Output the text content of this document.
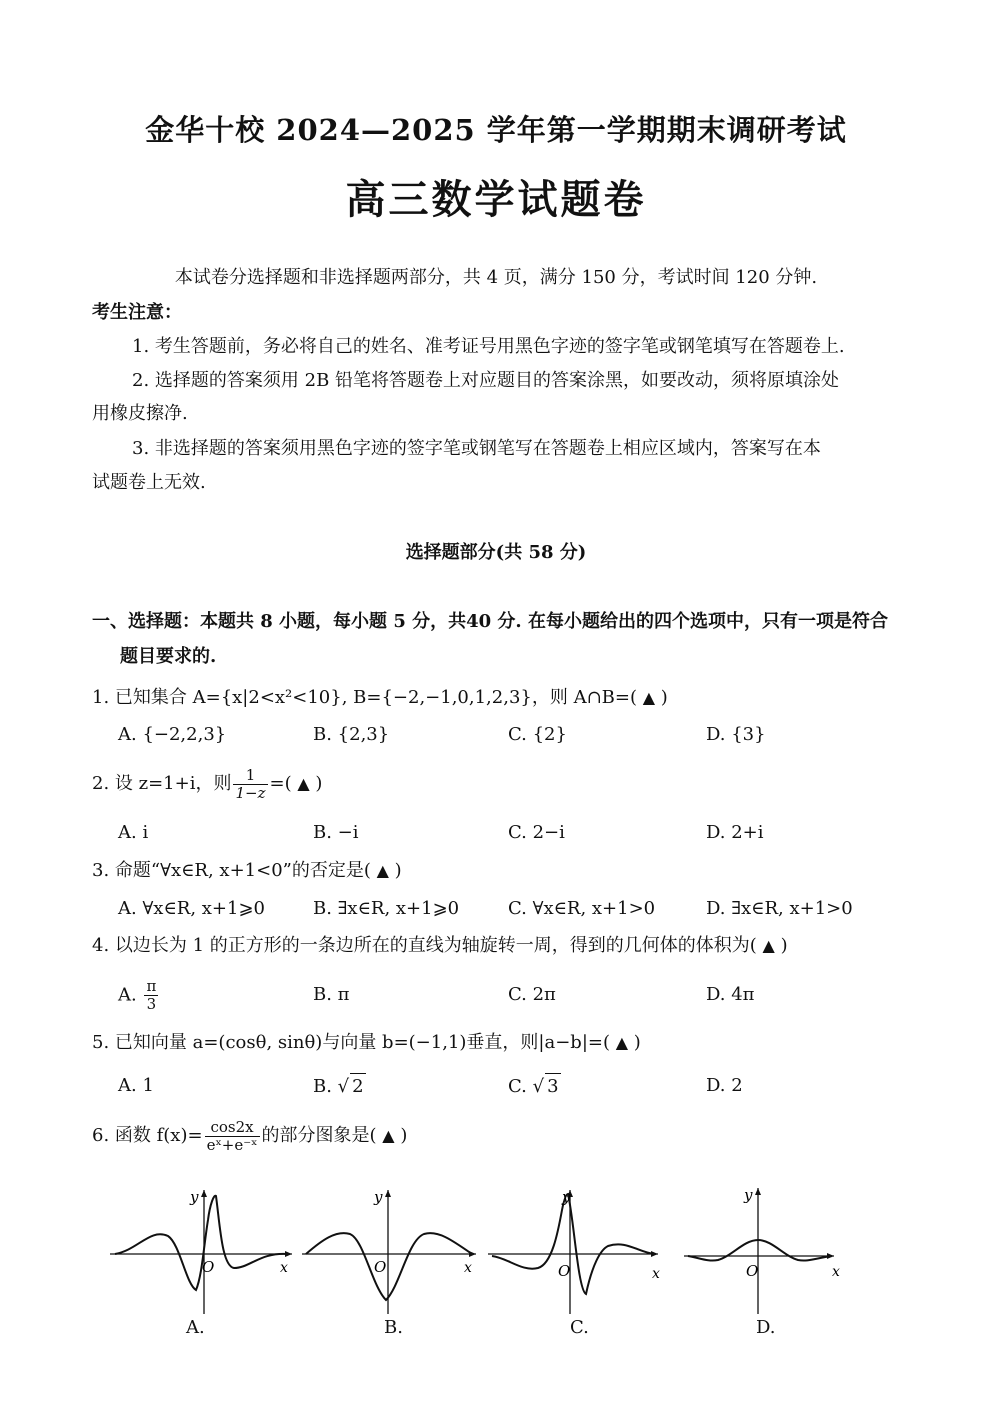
金华十校 2024—2025 学年第一学期期末调研考试
高三数学试题卷
本试卷分选择题和非选择题两部分，共 4 页，满分 150 分，考试时间 120 分钟.
考生注意：
1. 考生答题前，务必将自己的姓名、准考证号用黑色字迹的签字笔或钢笔填写在答题卷上.
2. 选择题的答案须用 2B 铅笔将答题卷上对应题目的答案涂黑，如要改动，须将原填涂处
用橡皮擦净.
3. 非选择题的答案须用黑色字迹的签字笔或钢笔写在答题卷上相应区域内，答案写在本
试题卷上无效.
选择题部分(共 58 分)
一、选择题：本题共 8 小题，每小题 5 分，共40 分. 在每小题给出的四个选项中，只有一项是符合
题目要求的.
1. 已知集合 A={x|2<x²<10}, B={−2,−1,0,1,2,3}，则 A∩B=( ▲ )
A. {−2,2,3}	B. {2,3}	C. {2}	D. {3}
2. 设 z=1+i，则 $\frac{1}{1-z}$ =( ▲ )
A. i	B. −i	C. 2−i	D. 2+i
3. 命题“∀x∈R, x+1<0”的否定是( ▲ )
A. ∀x∈R, x+1⩾0	B. ∃x∈R, x+1⩾0	C. ∀x∈R, x+1>0	D. ∃x∈R, x+1>0
4. 以边长为 1 的正方形的一条边所在的直线为轴旋转一周，得到的几何体的体积为( ▲ )
A. $\frac{\pi}{3}$	B. π	C. 2π	D. 4π
5. 已知向量 a=(cosθ, sinθ)与向量 b=(−1,1)垂直，则|a−b|=( ▲ )
A. 1	B. √ 2	C. √ 3	D. 2
6. 函数 $f(x)= \frac{\cos 2x}{\text{eˣ+e⁻ˣ}}$ 的部分图象是( ▲ )
y
O	x
A.
y
O	x
B.
y
O	x
C.
y
O	x
D.
